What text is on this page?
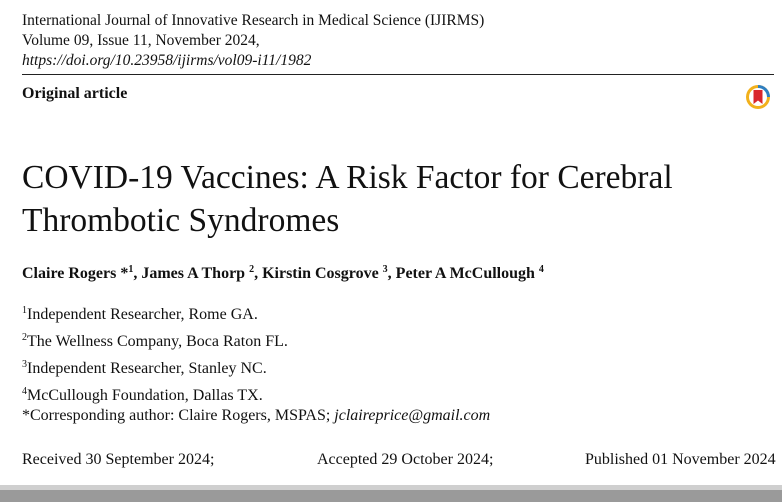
International Journal of Innovative Research in Medical Science (IJIRMS)
Volume 09, Issue 11, November 2024,
https://doi.org/10.23958/ijirms/vol09-i11/1982
Original article
COVID-19 Vaccines: A Risk Factor for Cerebral Thrombotic Syndromes
Claire Rogers *$^1$, James A Thorp $^2$, Kirstin Cosgrove $^3$, Peter A McCullough $^4$
$^1$Independent Researcher, Rome GA.
$^2$The Wellness Company, Boca Raton FL.
$^3$Independent Researcher, Stanley NC.
$^4$McCullough Foundation, Dallas TX.
*Corresponding author: Claire Rogers, MSPAS; jclaireprice@gmail.com
Received 30 September 2024;	Accepted 29 October 2024;	Published 01 November 2024
